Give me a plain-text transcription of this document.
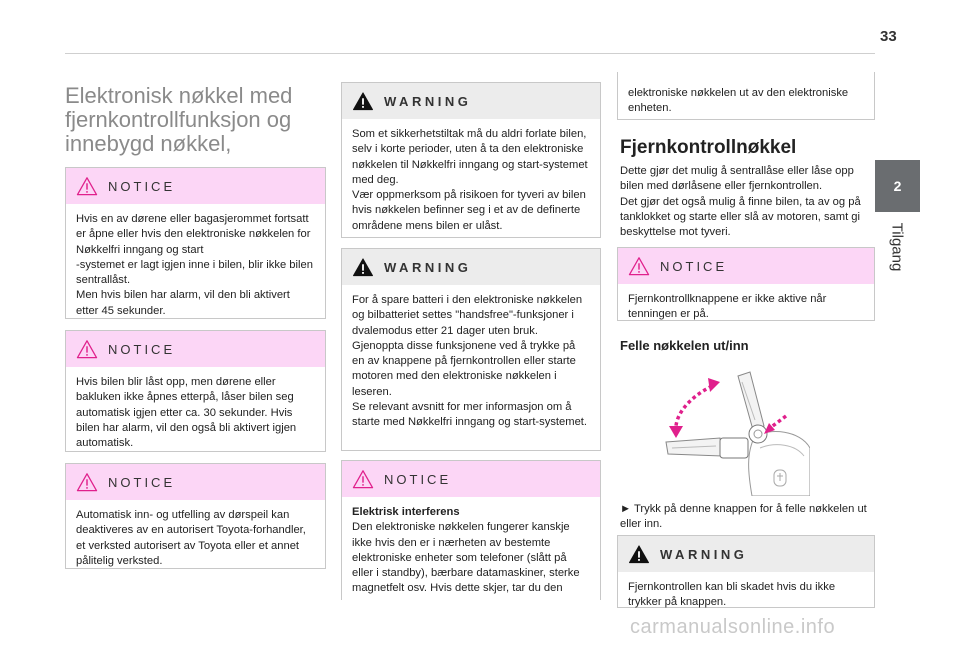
33
2
Tilgang
Elektronisk nøkkel med fjernkontrollfunksjon og innebygd nøkkel,
NOTICE
Hvis en av dørene eller bagasjerommet fortsatt er åpne eller hvis den elektroniske nøkkelen for Nøkkelfri inngang og start
-systemet er lagt igjen inne i bilen, blir ikke bilen sentrallåst.
Men hvis bilen har alarm, vil den bli aktivert etter 45 sekunder.
NOTICE
Hvis bilen blir låst opp, men dørene eller bakluken ikke åpnes etterpå, låser bilen seg automatisk igjen etter ca. 30 sekunder. Hvis bilen har alarm, vil den også bli aktivert igjen automatisk.
NOTICE
Automatisk inn- og utfelling av dørspeil kan deaktiveres av en autorisert Toyota-forhandler, et verksted autorisert av Toyota eller et annet pålitelig verksted.
WARNING
Som et sikkerhetstiltak må du aldri forlate bilen, selv i korte perioder, uten å ta den elektroniske nøkkelen til Nøkkelfri inngang og start-systemet med deg.
Vær oppmerksom på risikoen for tyveri av bilen hvis nøkkelen befinner seg i et av de definerte områdene mens bilen er ulåst.
WARNING
For å spare batteri i den elektroniske nøkkelen og bilbatteriet settes "handsfree"-funksjoner i dvalemodus etter 21 dager uten bruk. Gjenoppta disse funksjonene ved å trykke på en av knappene på fjernkontrollen eller starte motoren med den elektroniske nøkkelen i leseren.
Se relevant avsnitt for mer informasjon om å starte med Nøkkelfri inngang og start-systemet.
NOTICE
Elektrisk interferens
Den elektroniske nøkkelen fungerer kanskje ikke hvis den er i nærheten av bestemte elektroniske enheter som telefoner (slått på eller i standby), bærbare datamaskiner, sterke magnetfelt osv. Hvis dette skjer, tar du den
elektroniske nøkkelen ut av den elektroniske enheten.
Fjernkontrollnøkkel
Dette gjør det mulig å sentrallåse eller låse opp bilen med dørlåsene eller fjernkontrollen.
Det gjør det også mulig å finne bilen, ta av og på tanklokket og starte eller slå av motoren, samt gi beskyttelse mot tyveri.
NOTICE
Fjernkontrollknappene er ikke aktive når tenningen er på.
Felle nøkkelen ut/inn
► Trykk på denne knappen for å felle nøkkelen ut eller inn.
WARNING
Fjernkontrollen kan bli skadet hvis du ikke trykker på knappen.
carmanualsonline.info
